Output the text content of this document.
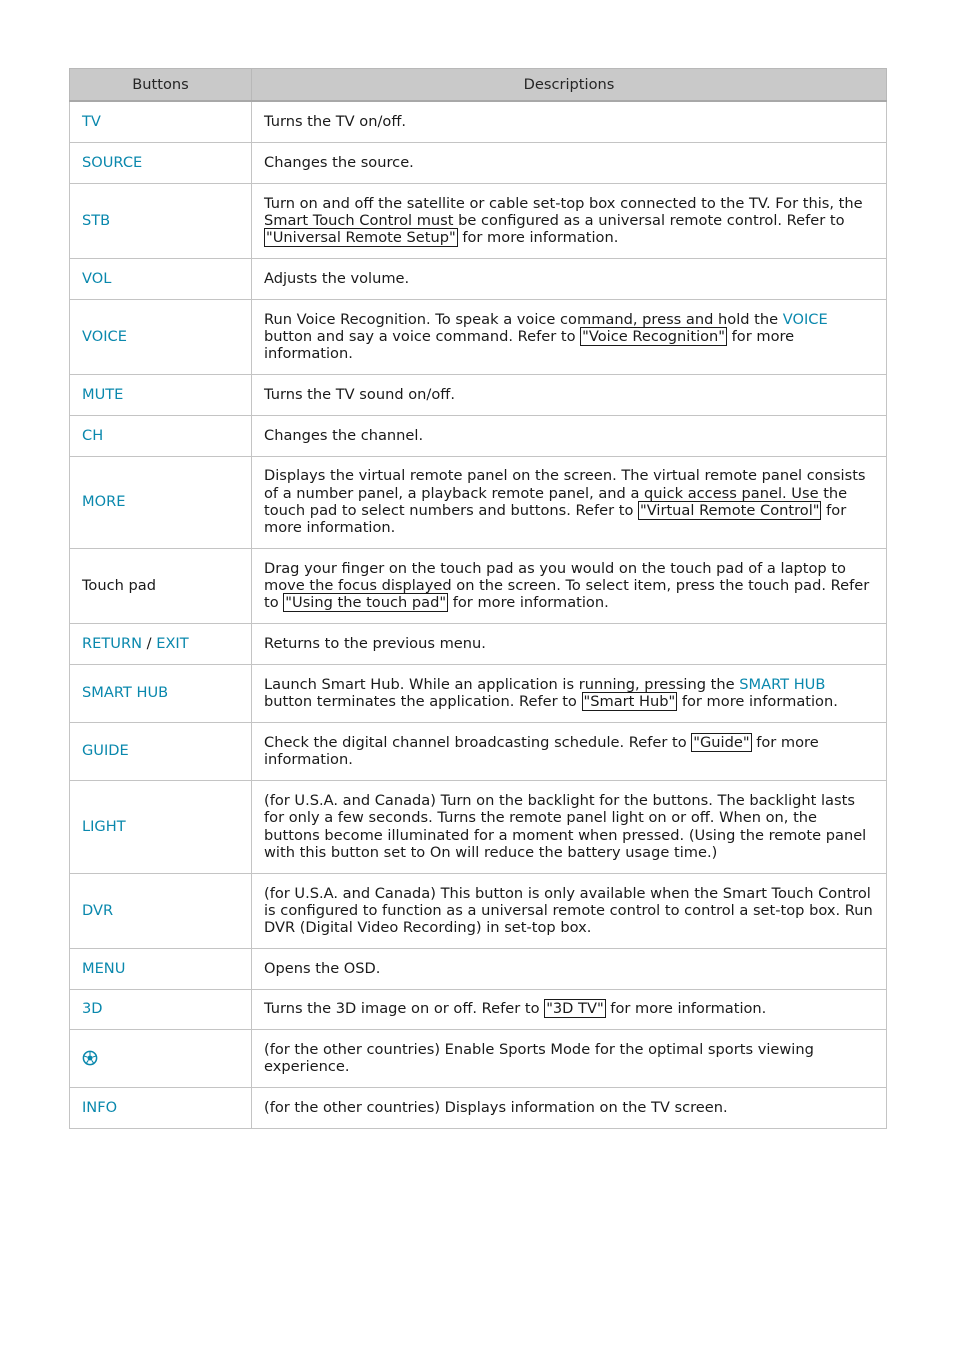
Buttons	Descriptions
TV	Turns the TV on/off.
SOURCE	Changes the source.
STB	Turn on and off the satellite or cable set-top box connected to the TV. For this, the Smart Touch Control must be configured as a universal remote control. Refer to "Universal Remote Setup" for more information.
VOL	Adjusts the volume.
VOICE	Run Voice Recognition. To speak a voice command, press and hold the VOICE button and say a voice command. Refer to "Voice Recognition" for more information.
MUTE	Turns the TV sound on/off.
CH	Changes the channel.
MORE	Displays the virtual remote panel on the screen. The virtual remote panel consists of a number panel, a playback remote panel, and a quick access panel. Use the touch pad to select numbers and buttons. Refer to "Virtual Remote Control" for more information.
Touch pad	Drag your finger on the touch pad as you would on the touch pad of a laptop to move the focus displayed on the screen. To select item, press the touch pad. Refer to "Using the touch pad" for more information.
RETURN / EXIT	Returns to the previous menu.
SMART HUB	Launch Smart Hub. While an application is running, pressing the SMART HUB button terminates the application. Refer to "Smart Hub" for more information.
GUIDE	Check the digital channel broadcasting schedule. Refer to "Guide" for more information.
LIGHT	(for U.S.A. and Canada) Turn on the backlight for the buttons. The backlight lasts for only a few seconds. Turns the remote panel light on or off. When on, the buttons become illuminated for a moment when pressed. (Using the remote panel with this button set to On will reduce the battery usage time.)
DVR	(for U.S.A. and Canada) This button is only available when the Smart Touch Control is configured to function as a universal remote control to control a set-top box. Run DVR (Digital Video Recording) in set-top box.
MENU	Opens the OSD.
3D	Turns the 3D image on or off. Refer to "3D TV" for more information.
	(for the other countries) Enable Sports Mode for the optimal sports viewing experience.
INFO	(for the other countries) Displays information on the TV screen.
